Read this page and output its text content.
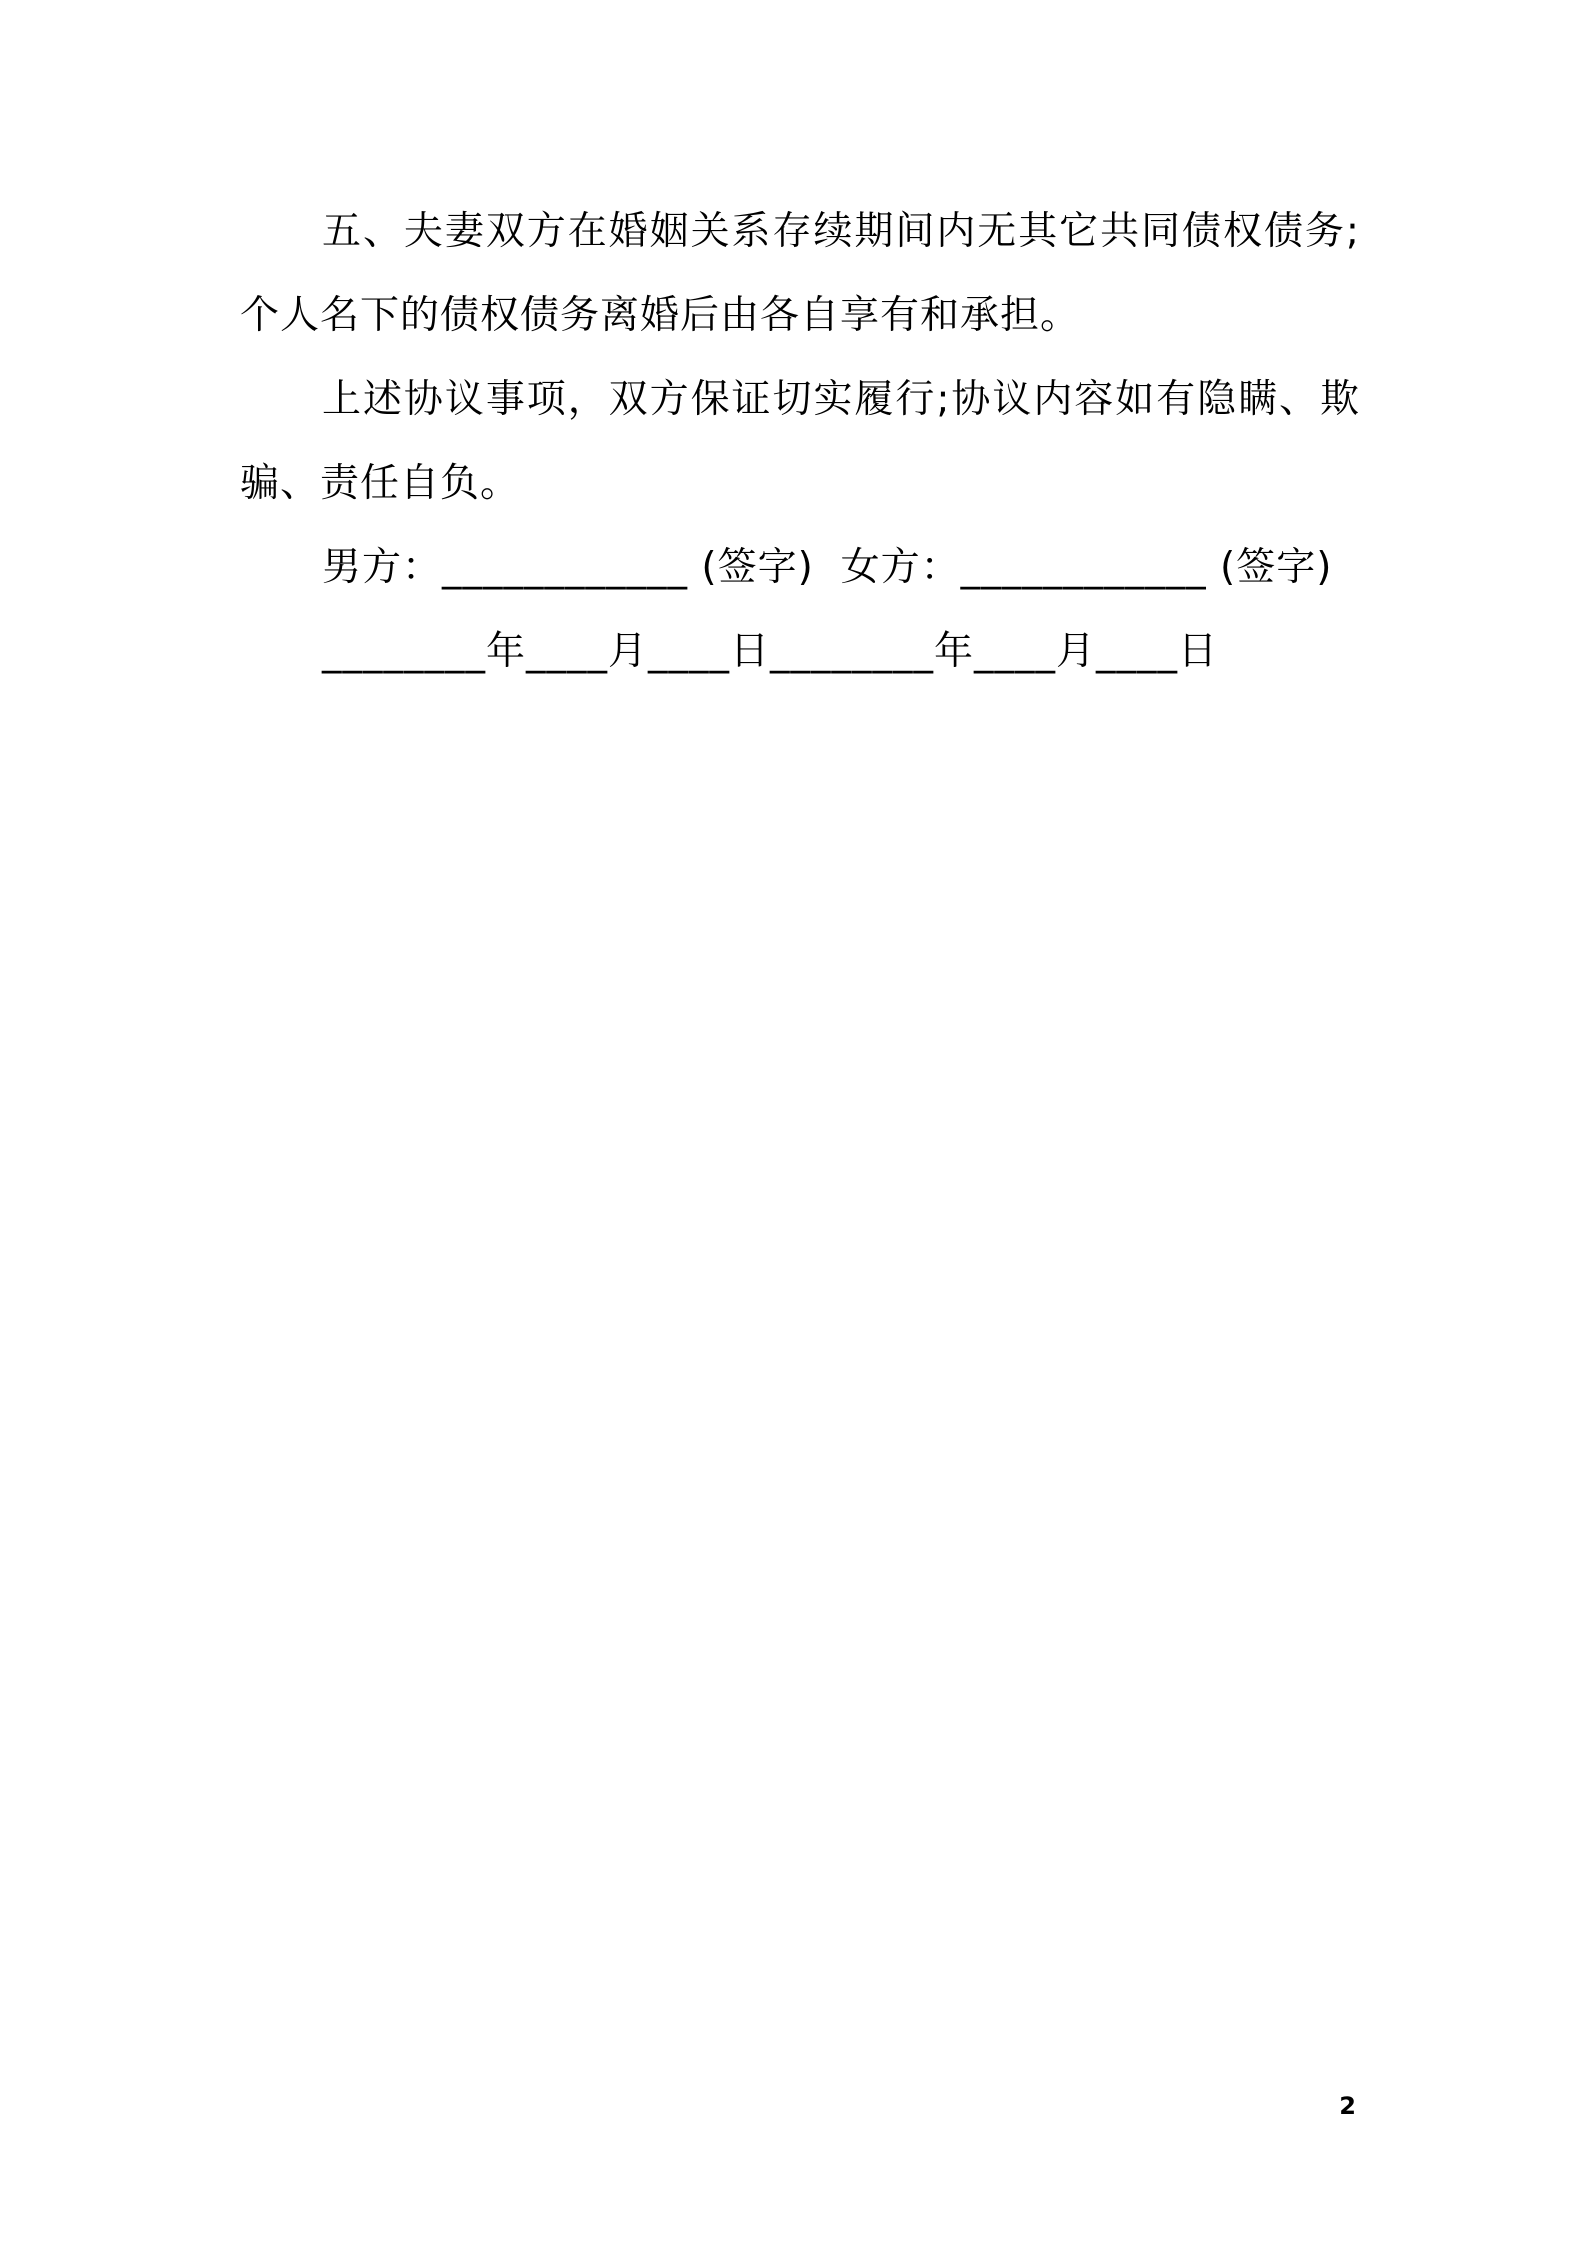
五、夫妻双方在婚姻关系存续期间内无其它共同债权债务;个人名下的债权债务离婚后由各自享有和承担。

上述协议事项，双方保证切实履行;协议内容如有隐瞒、欺骗、责任自负。

男方：____________ (签字)  女方：____________ (签字)
________年____月____日________年____月____日
2
